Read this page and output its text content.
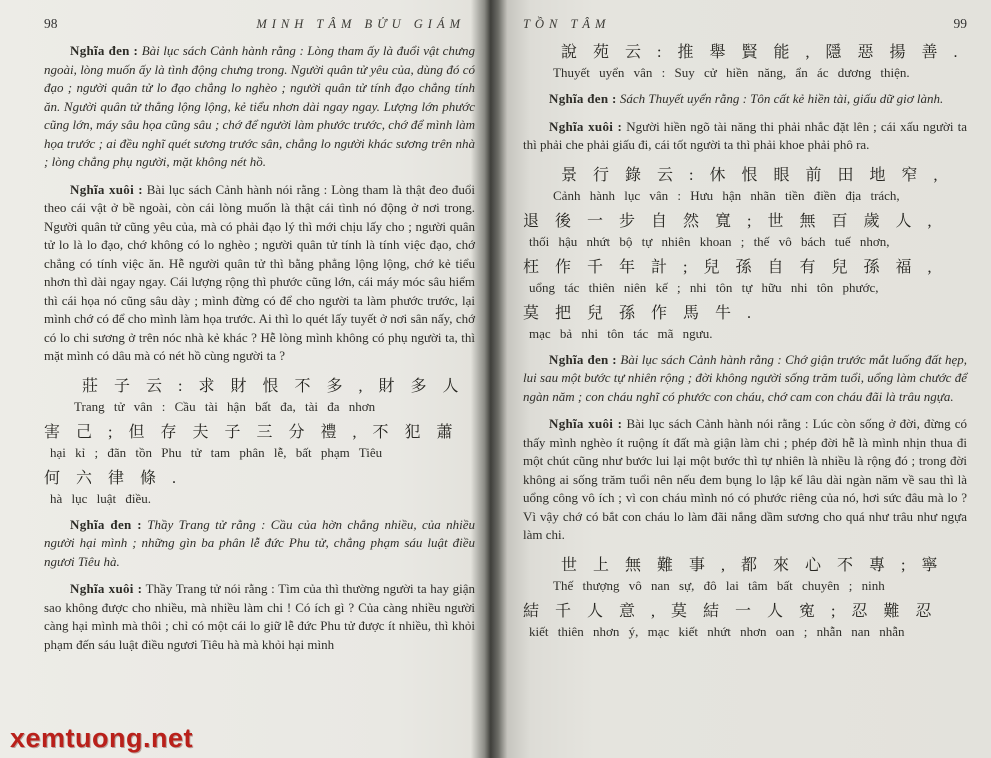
98	MINH TÂM BỬU GIÁM

Nghĩa đen : Bài lục sách Cảnh hành rằng : Lòng tham ấy là đuổi vật chưng ngoài, lòng muốn ấy là tình động chưng trong. Người quân tử yêu của, dùng đó có đạo ; người quân tử lo đạo chẳng lo nghèo ; người quân tử tính đạo chẳng tính ăn. Người quân tử thẳng lộng lộng, kẻ tiểu nhơn dài ngay ngay. Lượng lớn phước cũng lớn, máy sâu họa cũng sâu ; chớ để người làm phước trước, chớ để mình làm họa trước ; ai đều nghĩ quét sương trước sân, chẳng lo người khác sương trên nhà ; lòng chẳng phụ người, mặt không nét hồ.

Nghĩa xuôi : Bài lục sách Cảnh hành nói rằng : Lòng tham là thật đeo đuổi theo cái vật ở bề ngoài, còn cái lòng muốn là thật cái tình nó động ở nơi trong. Người quân tử cũng yêu của, mà có phải đạo lý thì mới chịu lấy cho ; người quân tử lo là lo đạo, chớ không có lo nghèo ; người quân tử tính là tính việc đạo, chớ chẳng có tính việc ăn. Hễ người quân tử thì bằng phẳng lộng lộng, chớ kẻ tiểu nhơn thì dài ngay ngay. Cái lượng rộng thì phước cũng lớn, cái máy móc sâu hiểm thì cái họa nó cũng sâu dày ; mình đừng có để cho người ta làm phước trước, lại mình chớ có để cho mình làm họa trước. Ai thì lo quét lấy tuyết ở nơi sân nấy, chớ có lo chi sương ở trên nóc nhà kẻ khác ? Hễ lòng mình không có phụ người ta, thì mặt mình có dâu mà có nét hồ cùng người ta ?

莊子云:求財恨不多,財多人
Trang tử vân : Cầu tài hận bất đa, tài đa nhơn
害己;但存夫子三分禮,不犯蕭
hại kỉ ; đãn tồn Phu tử tam phân lễ, bất phạm Tiêu
何六律條.
hà lục luật điều.

Nghĩa đen : Thầy Trang tử rằng : Cầu của hờn chẳng nhiều, của nhiều người hại mình ; những gìn ba phân lễ đức Phu tử, chẳng phạm sáu luật điều ngươi Tiêu hà.

Nghĩa xuôi : Thầy Trang tử nói rằng : Tìm của thì thường người ta hay giận sao không được cho nhiều, mà nhiều làm chi ! Có ích gì ? Của càng nhiều người càng hại mình mà thôi ; chỉ có một cái lo giữ lễ đức Phu tử được ít nhiều, thì khỏi phạm đến sáu luật điều ngươi Tiêu hà mà khỏi hại mình

TỒN TÂM	99
說苑云:推舉賢能,隱惡揚善.
Thuyết uyển vân : Suy cử hiền năng, ẩn ác dương thiện.

Nghĩa đen : Sách Thuyết uyển rằng : Tôn cất kẻ hiền tài, giấu dữ giơ lành.

Nghĩa xuôi : Người hiền ngõ tài năng thi phải nhắc đặt lên ; cái xấu người ta thì phải che phải giấu đi, cái tốt người ta thì phải khoe phải phô ra.

景行錄云:休恨眼前田地窄,
Cảnh hành lục vân : Hưu hận nhãn tiền điền địa trách,
退後一步自然寬;世無百歲人,
thối hậu nhứt bộ tự nhiên khoan ; thế vô bách tuế nhơn,
枉作千年計;兒孫自有兒孫福,
uổng tác thiên niên kế ; nhi tôn tự hữu nhi tôn phước,
莫把兒孫作馬牛.
mạc bả nhi tôn tác mã ngưu.

Nghĩa đen : Bài lục sách Cảnh hành rằng : Chớ giận trước mắt luống đất hẹp, lui sau một bước tự nhiên rộng ; đời không người sống trăm tuổi, uổng làm chước để ngàn năm ; con cháu nghĩ có phước con cháu, chớ cam con cháu đãi là trâu ngựa.

Nghĩa xuôi : Bài lục sách Cảnh hành nói rằng : Lúc còn sống ở đời, đừng có thấy mình nghèo ít ruộng ít đất mà giận làm chi ; phép đời hễ là mình nhịn thua đi một chút cũng như bước lui lại một bước thì tự nhiên là nhiều là rộng đó ; trong đời không ai sống trăm tuổi nên nếu đem bụng lo lập kế lâu dài ngàn năm về sau thì là uổng công vô ích ; vì con cháu mình nó có phước riêng của nó, hơi sức đâu mà lo ? Vì vậy chớ có bắt con cháu lo làm đãi nắng dầm sương cho quá như trâu như ngựa làm chi.

世上無難事,都來心不專;寧
Thế thượng vô nan sự, đô lai tâm bất chuyên ; ninh
結千人意,莫結一人寃;忍難忍
kiết thiên nhơn ý, mạc kiết nhứt nhơn oan ; nhẫn nan nhẫn
xemtuong.net
